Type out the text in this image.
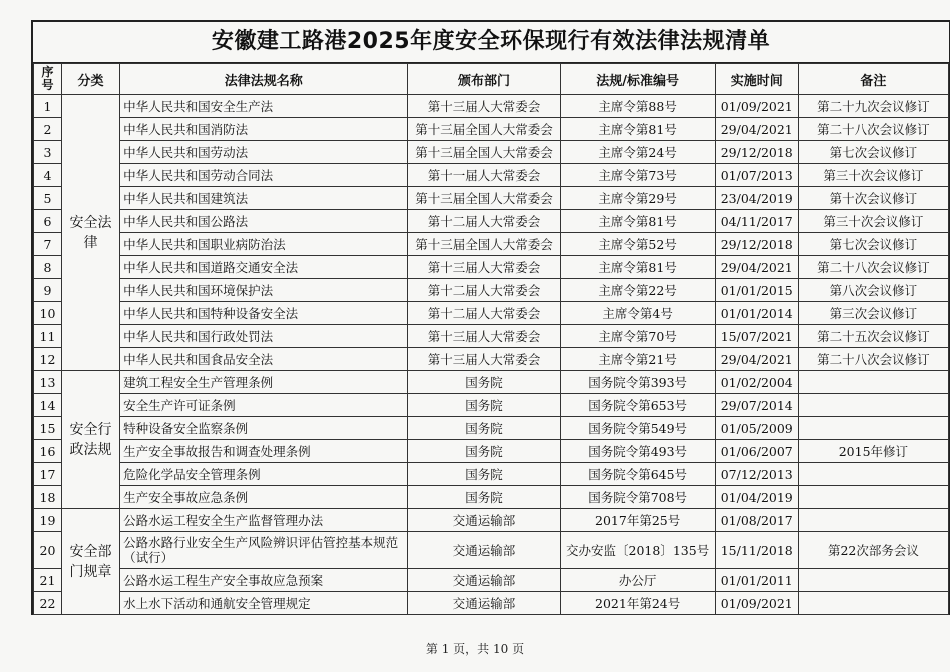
安徽建工路港2025年度安全环保现行有效法律法规清单
序号	分类	法律法规名称	颁布部门	法规/标准编号	实施时间	备注
1	安全法律	中华人民共和国安全生产法	第十三届人大常委会	主席令第88号	01/09/2021	第二十九次会议修订
2		中华人民共和国消防法	第十三届全国人大常委会	主席令第81号	29/04/2021	第二十八次会议修订
3		中华人民共和国劳动法	第十三届全国人大常委会	主席令第24号	29/12/2018	第七次会议修订
4		中华人民共和国劳动合同法	第十一届人大常委会	主席令第73号	01/07/2013	第三十次会议修订
5		中华人民共和国建筑法	第十三届全国人大常委会	主席令第29号	23/04/2019	第十次会议修订
6		中华人民共和国公路法	第十二届人大常委会	主席令第81号	04/11/2017	第三十次会议修订
7		中华人民共和国职业病防治法	第十三届全国人大常委会	主席令第52号	29/12/2018	第七次会议修订
8		中华人民共和国道路交通安全法	第十三届人大常委会	主席令第81号	29/04/2021	第二十八次会议修订
9		中华人民共和国环境保护法	第十二届人大常委会	主席令第22号	01/01/2015	第八次会议修订
10		中华人民共和国特种设备安全法	第十二届人大常委会	主席令第4号	01/01/2014	第三次会议修订
11		中华人民共和国行政处罚法	第十三届人大常委会	主席令第70号	15/07/2021	第二十五次会议修订
12		中华人民共和国食品安全法	第十三届人大常委会	主席令第21号	29/04/2021	第二十八次会议修订
13	安全行政法规	建筑工程安全生产管理条例	国务院	国务院令第393号	01/02/2004	
14		安全生产许可证条例	国务院	国务院令第653号	29/07/2014	
15		特种设备安全监察条例	国务院	国务院令第549号	01/05/2009	
16		生产安全事故报告和调查处理条例	国务院	国务院令第493号	01/06/2007	2015年修订
17		危险化学品安全管理条例	国务院	国务院令第645号	07/12/2013	
18		生产安全事故应急条例	国务院	国务院令第708号	01/04/2019	
19	安全部门规章	公路水运工程安全生产监督管理办法	交通运输部	2017年第25号	01/08/2017	
20		公路水路行业安全生产风险辨识评估管控基本规范（试行）	交通运输部	交办安监〔2018〕135号	15/11/2018	第22次部务会议
21		公路水运工程生产安全事故应急预案	交通运输部	办公厅	01/01/2011	
22		水上水下活动和通航安全管理规定	交通运输部	2021年第24号	01/09/2021	
第 1 页，共 10 页
